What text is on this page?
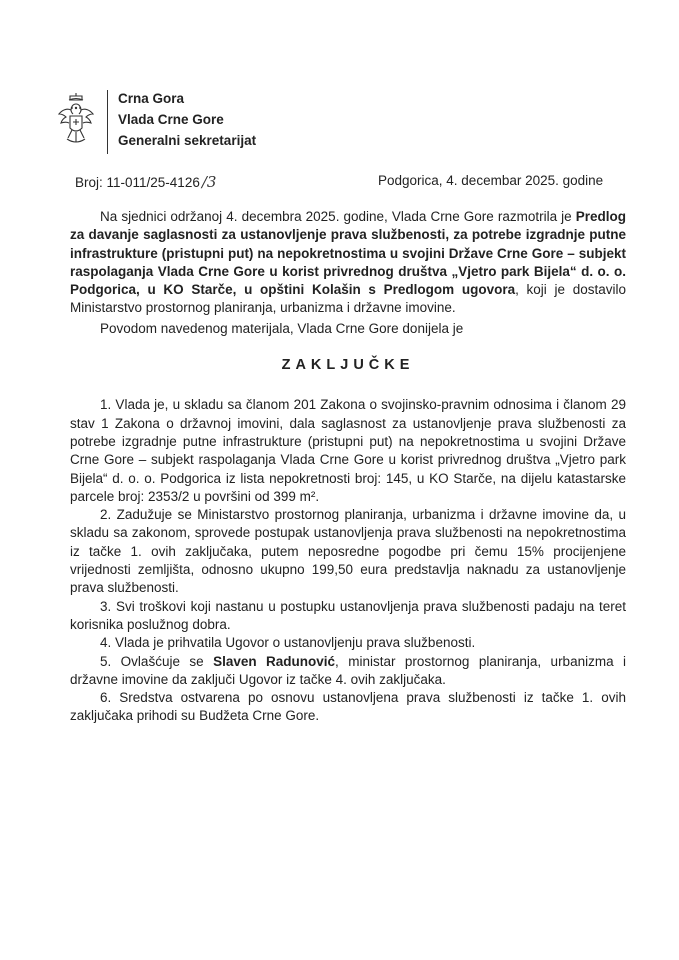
Crna Gora
Vlada Crne Gore
Generalni sekretarijat
Broj: 11-011/25-4126 /3	Podgorica, 4. decembar 2025. godine

Na sjednici održanoj 4. decembra 2025. godine, Vlada Crne Gore razmotrila je Predlog za davanje saglasnosti za ustanovljenje prava službenosti, za potrebe izgradnje putne infrastrukture (pristupni put) na nepokretnostima u svojini Države Crne Gore – subjekt raspolaganja Vlada Crne Gore u korist privrednog društva „Vjetro park Bijela“ d. o. o. Podgorica, u KO Starče, u opštini Kolašin s Predlogom ugovora, koji je dostavilo Ministarstvo prostornog planiranja, urbanizma i državne imovine.

Povodom navedenog materijala, Vlada Crne Gore donijela je

ZAKLJUČKE

1. Vlada je, u skladu sa članom 201 Zakona o svojinsko-pravnim odnosima i članom 29 stav 1 Zakona o državnoj imovini, dala saglasnost za ustanovljenje prava službenosti za potrebe izgradnje putne infrastrukture (pristupni put) na nepokretnostima u svojini Države Crne Gore – subjekt raspolaganja Vlada Crne Gore u korist privrednog društva „Vjetro park Bijela“ d. o. o. Podgorica iz lista nepokretnosti broj: 145, u KO Starče, na dijelu katastarske parcele broj: 2353/2 u površini od 399 m².

2. Zadužuje se Ministarstvo prostornog planiranja, urbanizma i državne imovine da, u skladu sa zakonom, sprovede postupak ustanovljenja prava službenosti na nepokretnostima iz tačke 1. ovih zaključaka, putem neposredne pogodbe pri čemu 15% procijenjene vrijednosti zemljišta, odnosno ukupno 199,50 eura predstavlja naknadu za ustanovljenje prava službenosti.

3. Svi troškovi koji nastanu u postupku ustanovljenja prava službenosti padaju na teret korisnika poslužnog dobra.

4. Vlada je prihvatila Ugovor o ustanovljenju prava službenosti.

5. Ovlašćuje se Slaven Radunović, ministar prostornog planiranja, urbanizma i državne imovine da zaključi Ugovor iz tačke 4. ovih zaključaka.

6. Sredstva ostvarena po osnovu ustanovljena prava službenosti iz tačke 1. ovih zaključaka prihodi su Budžeta Crne Gore.
